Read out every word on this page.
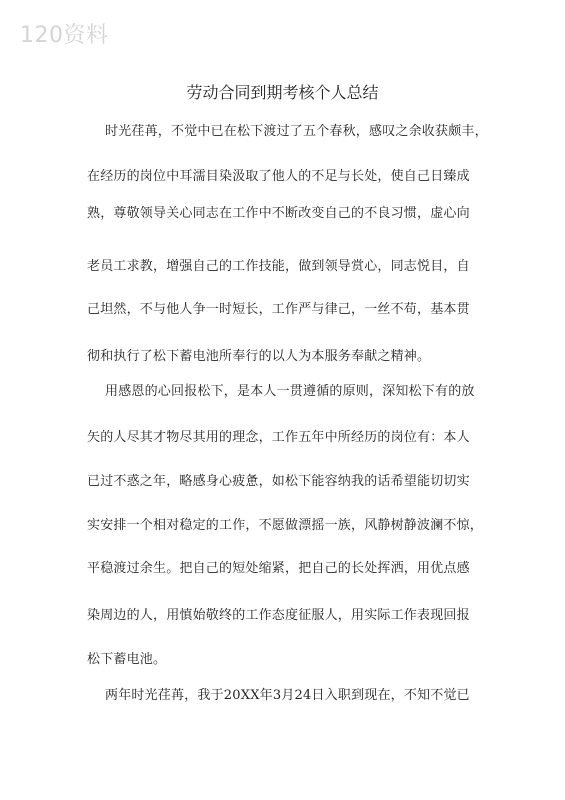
120资料
劳动合同到期考核个人总结
时光荏苒，不觉中已在松下渡过了五个春秋，感叹之余收获颇丰，
在经历的岗位中耳濡目染汲取了他人的不足与长处，使自己日臻成
熟，尊敬领导关心同志在工作中不断改变自己的不良习惯，虚心向
老员工求教，增强自己的工作技能，做到领导赏心，同志悦目，自
己坦然，不与他人争一时短长，工作严与律己，一丝不苟，基本贯
彻和执行了松下蓄电池所奉行的以人为本服务奉献之精神。
用感恩的心回报松下，是本人一贯遵循的原则，深知松下有的放
矢的人尽其才物尽其用的理念，工作五年中所经历的岗位有：本人
已过不惑之年，略感身心疲惫，如松下能容纳我的话希望能切切实
实安排一个相对稳定的工作，不愿做漂摇一族，风静树静波澜不惊，
平稳渡过余生。把自己的短处缩紧，把自己的长处挥洒，用优点感
染周边的人，用慎始敬终的工作态度征服人，用实际工作表现回报
松下蓄电池。
两年时光荏苒，我于20XX年3月24日入职到现在，不知不觉已
